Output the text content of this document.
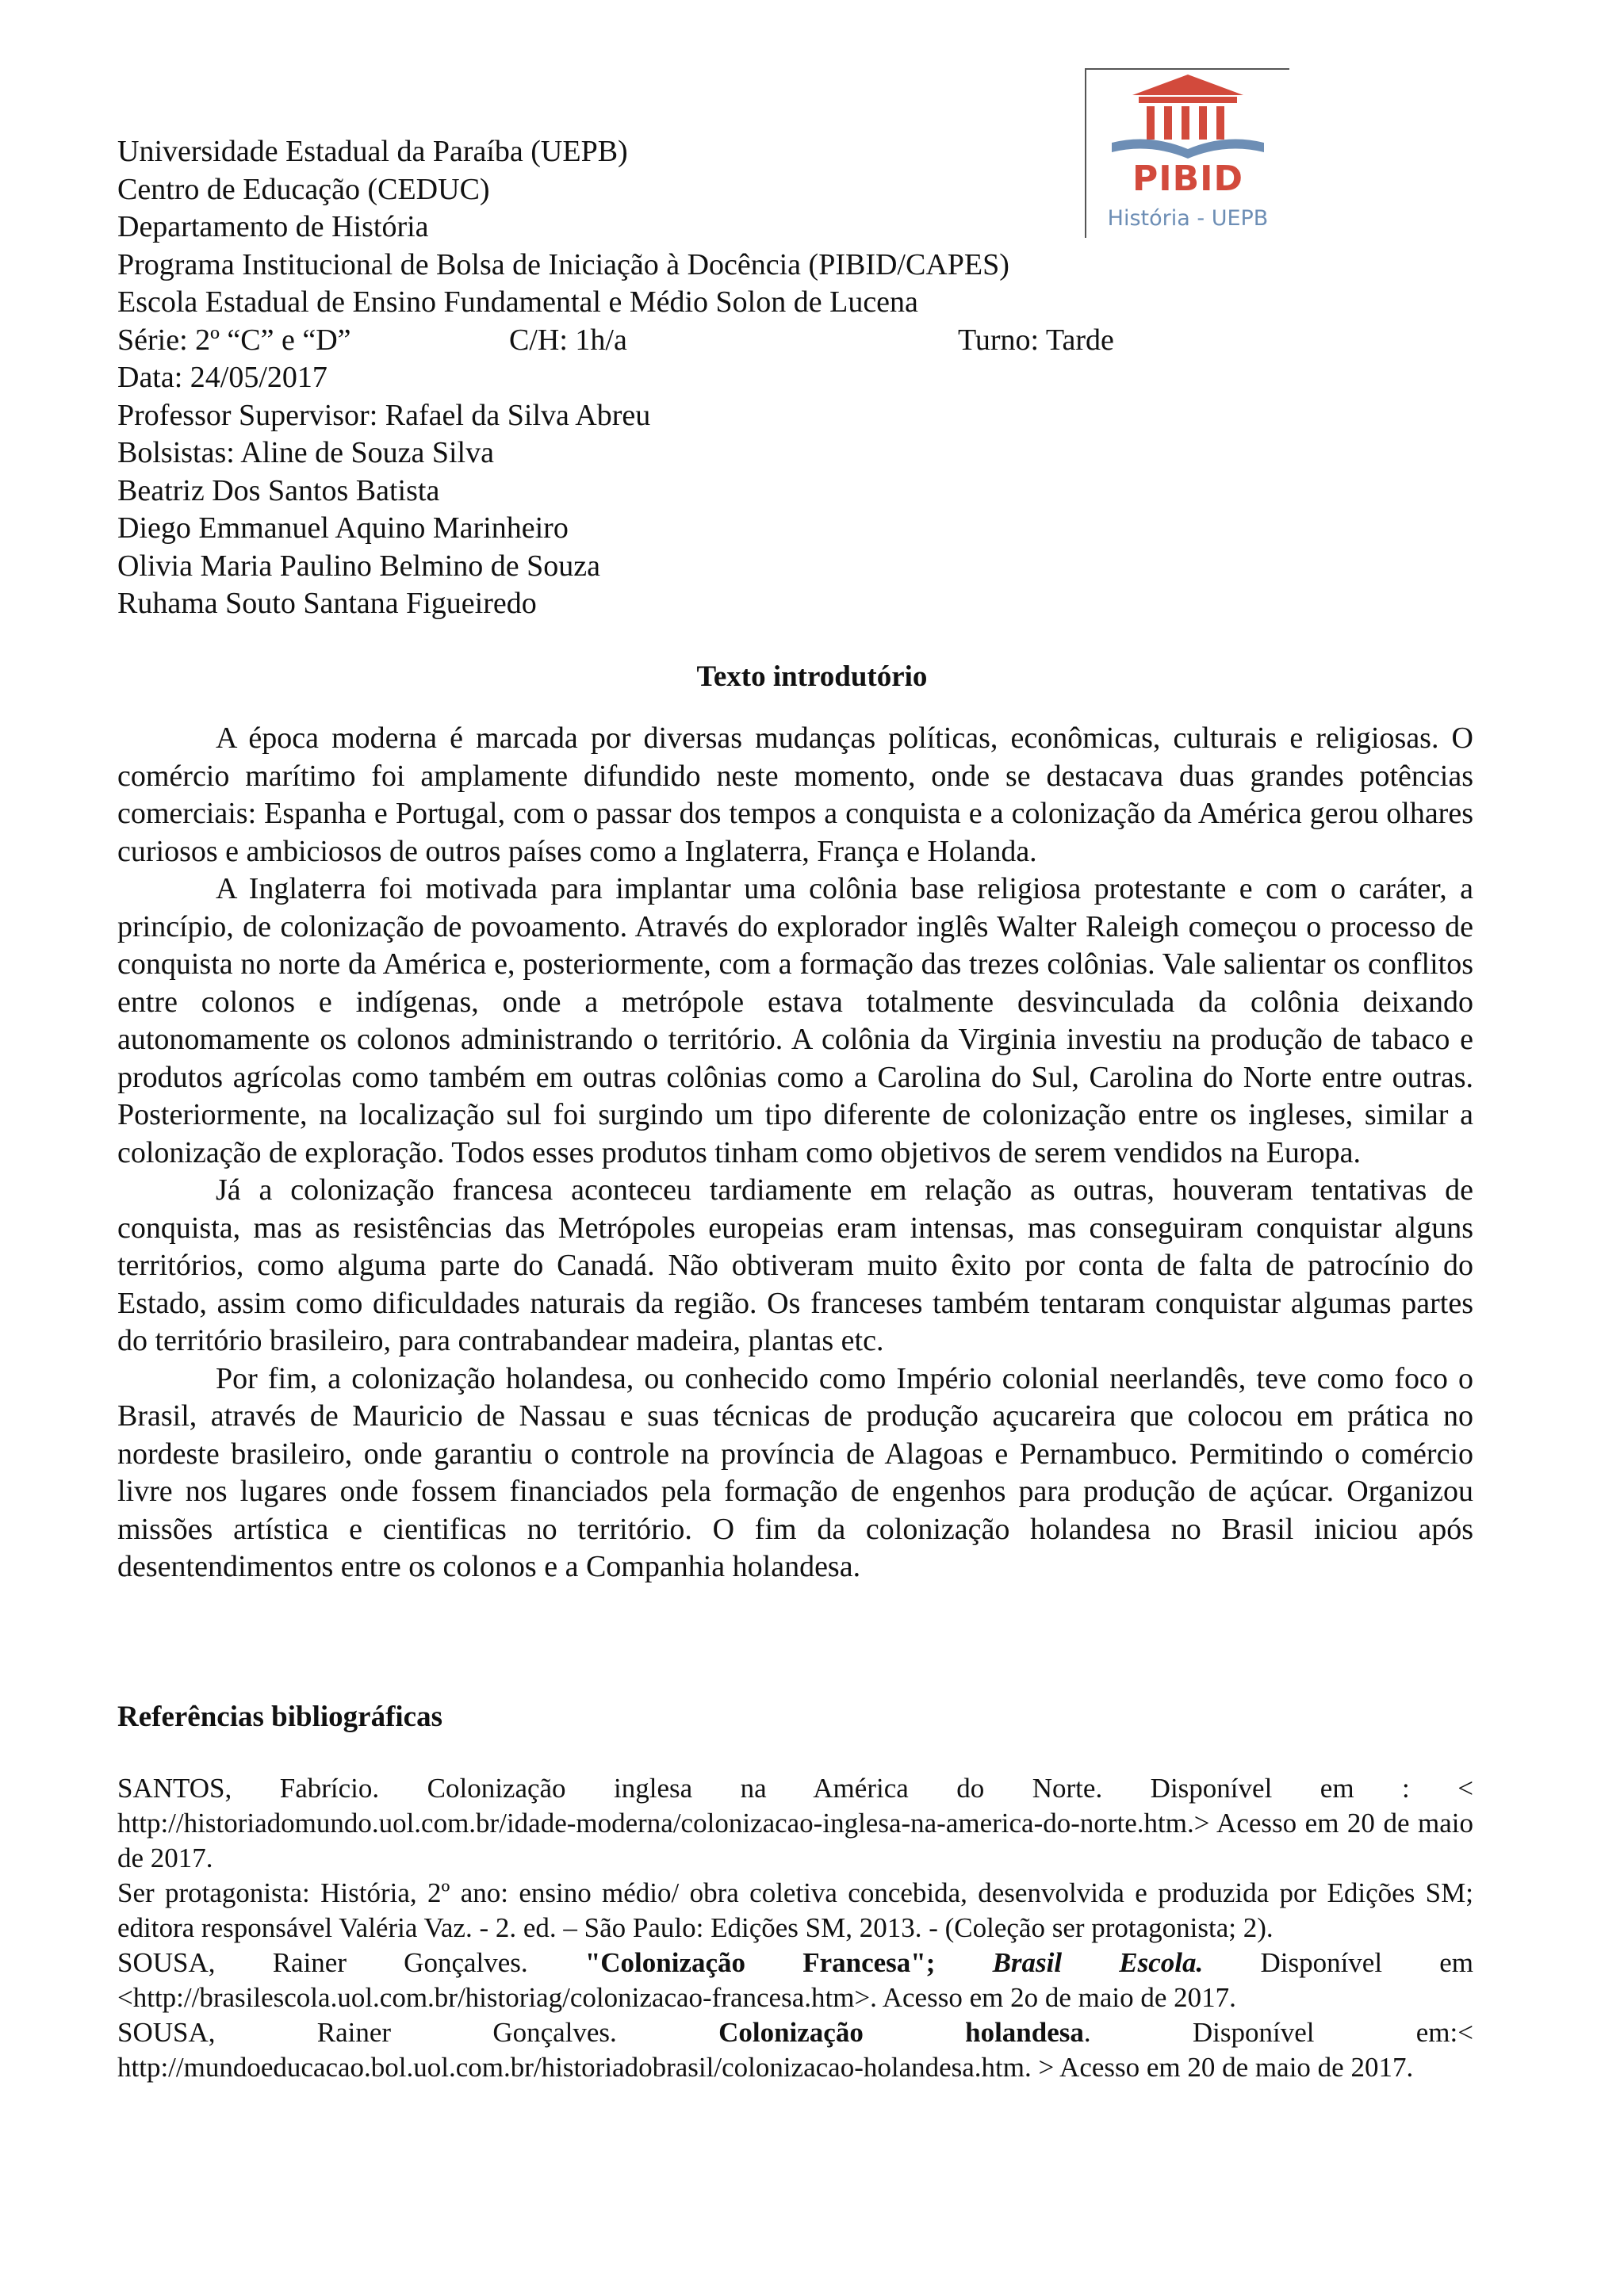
PIBID
História - UEPB
Universidade Estadual da Paraíba (UEPB)
Centro de Educação (CEDUC)
Departamento de História
Programa Institucional de Bolsa de Iniciação à Docência (PIBID/CAPES)
Escola Estadual de Ensino Fundamental e Médio Solon de Lucena
Série: 2º “C” e “D”	C/H: 1h/a	Turno: Tarde
Data: 24/05/2017
Professor Supervisor: Rafael da Silva Abreu
Bolsistas: Aline de Souza Silva
Beatriz Dos Santos Batista
Diego Emmanuel Aquino Marinheiro
Olivia Maria Paulino Belmino de Souza
Ruhama Souto Santana Figueiredo
Texto introdutório

A época moderna é marcada por diversas mudanças políticas, econômicas, culturais e religiosas. O comércio marítimo foi amplamente difundido neste momento, onde se destacava duas grandes potências comerciais: Espanha e Portugal, com o passar dos tempos a conquista e a colonização da América gerou olhares curiosos e ambiciosos de outros países como a Inglaterra, França e Holanda.

A Inglaterra foi motivada para implantar uma colônia base religiosa protestante e com o caráter, a princípio, de colonização de povoamento. Através do explorador inglês Walter Raleigh começou o processo de conquista no norte da América e, posteriormente, com a formação das trezes colônias. Vale salientar os conflitos entre colonos e indígenas, onde a metrópole estava totalmente desvinculada da colônia deixando autonomamente os colonos administrando o território. A colônia da Virginia investiu na produção de tabaco e produtos agrícolas como também em outras colônias como a Carolina do Sul, Carolina do Norte entre outras. Posteriormente, na localização sul foi surgindo um tipo diferente de colonização entre os ingleses, similar a colonização de exploração. Todos esses produtos tinham como objetivos de serem vendidos na Europa.

Já a colonização francesa aconteceu tardiamente em relação as outras, houveram tentativas de conquista, mas as resistências das Metrópoles europeias eram intensas, mas conseguiram conquistar alguns territórios, como alguma parte do Canadá. Não obtiveram muito êxito por conta de falta de patrocínio do Estado, assim como dificuldades naturais da região. Os franceses também tentaram conquistar algumas partes do território brasileiro, para contrabandear madeira, plantas etc.

Por fim, a colonização holandesa, ou conhecido como Império colonial neerlandês, teve como foco o Brasil, através de Mauricio de Nassau e suas técnicas de produção açucareira que colocou em prática no nordeste brasileiro, onde garantiu o controle na província de Alagoas e Pernambuco. Permitindo o comércio livre nos lugares onde fossem financiados pela formação de engenhos para produção de açúcar. Organizou missões artística e cientificas no território. O fim da colonização holandesa no Brasil iniciou após desentendimentos entre os colonos e a Companhia holandesa.

Referências bibliográficas

SANTOS, Fabrício. Colonização inglesa na América do Norte. Disponível em : < http://historiadomundo.uol.com.br/idade-moderna/colonizacao-inglesa-na-america-do-norte.htm.> Acesso em 20 de maio de 2017.

Ser protagonista: História, 2º ano: ensino médio/ obra coletiva concebida, desenvolvida e produzida por Edições SM; editora responsável Valéria Vaz. - 2. ed. – São Paulo: Edições SM, 2013. - (Coleção ser protagonista; 2).

SOUSA, Rainer Gonçalves. "Colonização Francesa"; Brasil Escola. Disponível em <http://brasilescola.uol.com.br/historiag/colonizacao-francesa.htm>. Acesso em 2o de maio de 2017.

SOUSA, Rainer Gonçalves.	Colonização holandesa. Disponível em:< http://mundoeducacao.bol.uol.com.br/historiadobrasil/colonizacao-holandesa.htm. > Acesso em 20 de maio de 2017.
